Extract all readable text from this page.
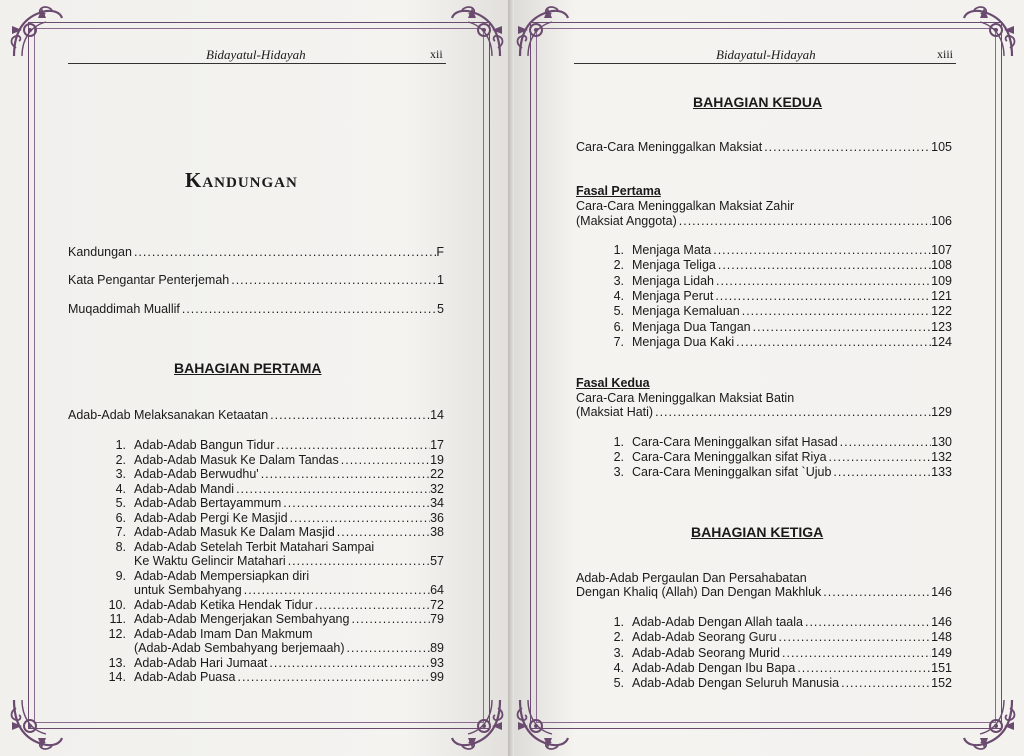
Bidayatul-Hidayah	xii
Kandungan
Kandungan .....	F
Kata Pengantar Penterjemah .....	1
Muqaddimah Muallif .....	5
BAHAGIAN PERTAMA
Adab-Adab Melaksanakan Ketaatan .....	14
1. Adab-Adab Bangun Tidur .....	17
2. Adab-Adab Masuk Ke Dalam Tandas .....	19
3. Adab-Adab Berwudhu' .....	22
4. Adab-Adab Mandi .....	32
5. Adab-Adab Bertayammum .....	34
6. Adab-Adab Pergi Ke Masjid .....	36
7. Adab-Adab Masuk Ke Dalam Masjid .....	38
8. Adab-Adab Setelah Terbit Matahari Sampai
Ke Waktu Gelincir Matahari .....	57
9. Adab-Adab Mempersiapkan diri
untuk Sembahyang .....	64
10. Adab-Adab Ketika Hendak Tidur .....	72
11. Adab-Adab Mengerjakan Sembahyang .....	79
12. Adab-Adab Imam Dan Makmum
(Adab-Adab Sembahyang berjemaah) .....	89
13. Adab-Adab Hari Jumaat .....	93
14. Adab-Adab Puasa .....	99
Bidayatul-Hidayah	xiii
BAHAGIAN KEDUA
Cara-Cara Meninggalkan Maksiat .....	105
Fasal Pertama
Cara-Cara Meninggalkan Maksiat Zahir
(Maksiat Anggota) .....	106
1. Menjaga Mata .....	107
2. Menjaga Teliga .....	108
3. Menjaga Lidah .....	109
4. Menjaga Perut .....	121
5. Menjaga Kemaluan .....	122
6. Menjaga Dua Tangan .....	123
7. Menjaga Dua Kaki .....	124
Fasal Kedua
Cara-Cara Meninggalkan Maksiat Batin
(Maksiat Hati) .....	129
1. Cara-Cara Meninggalkan sifat Hasad .....	130
2. Cara-Cara Meninggalkan sifat Riya .....	132
3. Cara-Cara Meninggalkan sifat `Ujub .....	133
BAHAGIAN KETIGA
Adab-Adab Pergaulan Dan Persahabatan
Dengan Khaliq (Allah) Dan Dengan Makhluk .....	146
1. Adab-Adab Dengan Allah taala .....	146
2. Adab-Adab Seorang Guru .....	148
3. Adab-Adab Seorang Murid .....	149
4. Adab-Adab Dengan Ibu Bapa .....	151
5. Adab-Adab Dengan Seluruh Manusia .....	152
